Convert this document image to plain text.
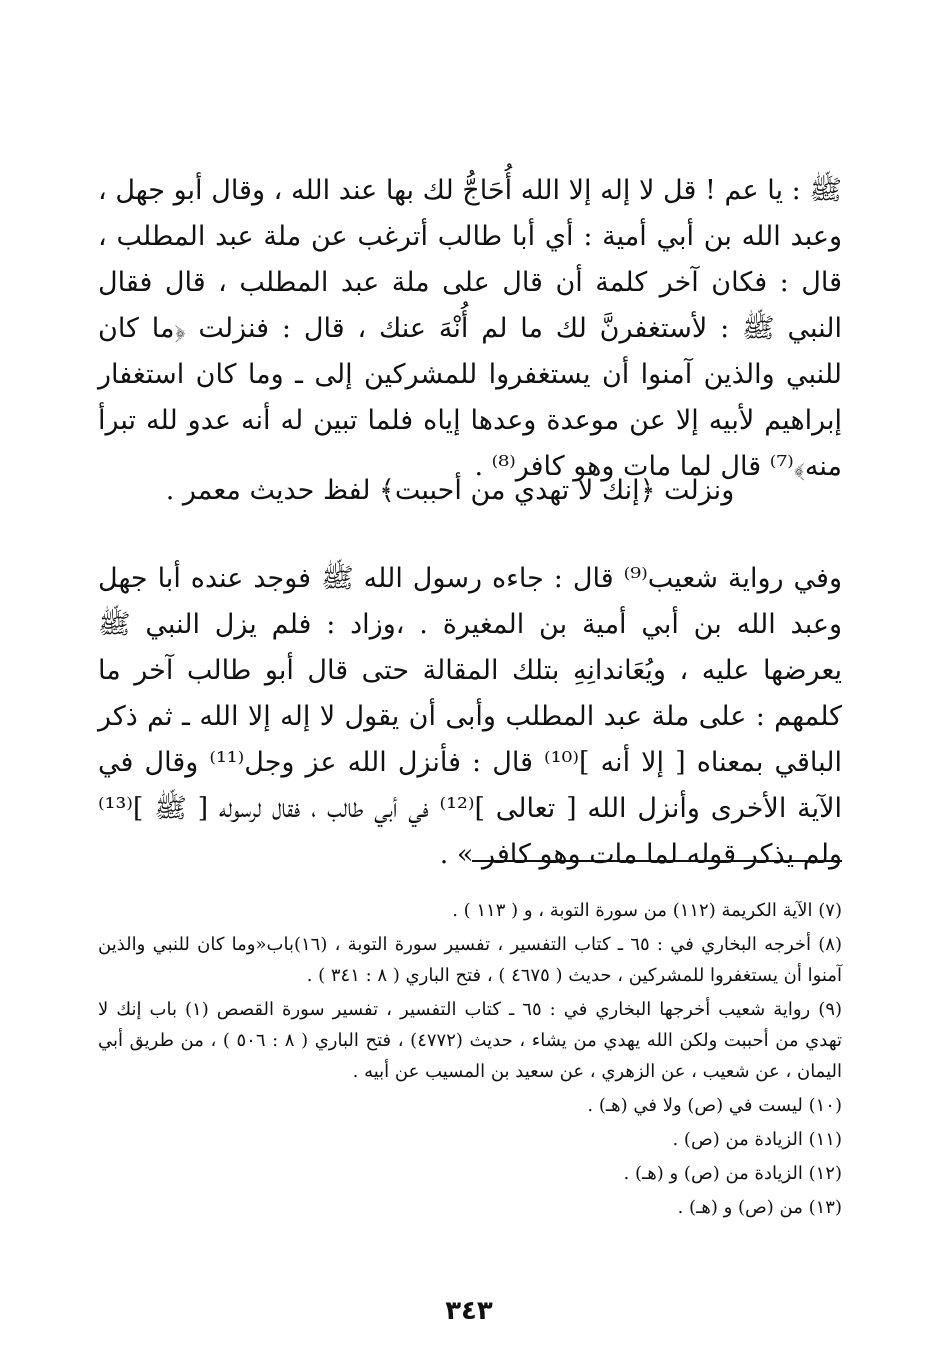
ﷺ : يا عم ! قل لا إله إلا الله أُحَاجُّ لك بها عند الله ، وقال أبو جهل ، وعبد الله بن أبي أمية : أي أبا طالب أترغب عن ملة عبد المطلب ، قال : فكان آخر كلمة أن قال على ملة عبد المطلب ، قال فقال النبي ﷺ : لأستغفرنَّ لك ما لم أُنْهَ عنك ، قال : فنزلت ﴿ما كان للنبي والذين آمنوا أن يستغفروا للمشركين إلى ـ وما كان استغفار إبراهيم لأبيه إلا عن موعدة وعدها إياه فلما تبين له أنه عدو لله تبرأ منه﴾⁽⁷⁾ قال لما مات وهو كافر⁽⁸⁾ .

ونزلت ﴿إنك لا تهدي من أحببت﴾ لفظ حديث معمر .

وفي رواية شعيب⁽⁹⁾ قال : جاءه رسول الله ﷺ فوجد عنده أبا جهل وعبد الله بن أبي أمية بن المغيرة . ،وزاد : فلم يزل النبي ﷺ يعرضها عليه ، ويُعَاندانِهِ بتلك المقالة حتى قال أبو طالب آخر ما كلمهم : على ملة عبد المطلب وأبى أن يقول لا إله إلا الله ـ ثم ذكر الباقي بمعناه [ إلا أنه ]⁽¹⁰⁾ قال : فأنزل الله عز وجل⁽¹¹⁾ وقال في الآية الأخرى وأنزل الله [ تعالى ]⁽¹²⁾ في أبي طالب ، فقال لرسوله [ ﷺ ]⁽¹³⁾ ولم يذكر قوله لما مات وهو كافر » .

(٧) الآية الكريمة (١١٢) من سورة التوبة ، و ( ١١٣ ) .

(٨) أخرجه البخاري في : ٦٥ ـ كتاب التفسير ، تفسير سورة التوبة ، (١٦)باب«وما كان للنبي والذين آمنوا أن يستغفروا للمشركين ، حديث ( ٤٦٧٥ ) ، فتح الباري ( ٨ : ٣٤١ ) .

(٩) رواية شعيب أخرجها البخاري في : ٦٥ ـ كتاب التفسير ، تفسير سورة القصص (١) باب إنك لا تهدي من أحببت ولكن الله يهدي من يشاء ، حديث (٤٧٧٢) ، فتح الباري ( ٨ : ٥٠٦ ) ، من طريق أبي اليمان ، عن شعيب ، عن الزهري ، عن سعيد بن المسيب عن أبيه .

(١٠) ليست في (ص) ولا في (هـ) .

(١١) الزيادة من (ص) .

(١٢) الزيادة من (ص) و (هـ) .

(١٣) من (ص) و (هـ) .

٣٤٣
